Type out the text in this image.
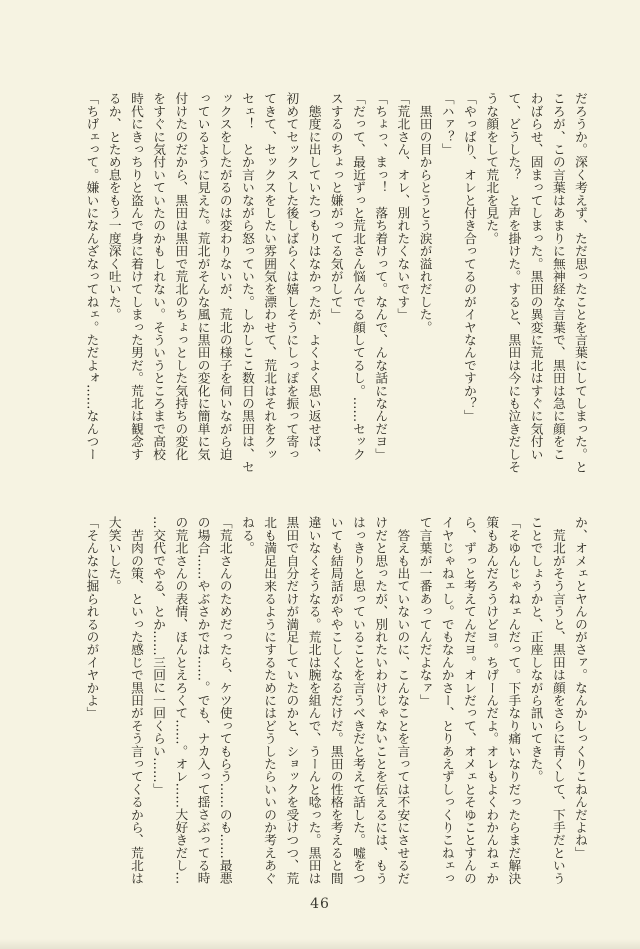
だろうか。深く考えず、ただ思ったことを言葉にしてしまった。と
ころが、この言葉はあまりに無神経な言葉で、黒田は急に顔をこ
わばらせ、固まってしまった。黒田の異変に荒北はすぐに気付い
て、どうした？　と声を掛けた。すると、黒田は今にも泣きだしそ
うな顔をして荒北を見た。
「やっぱり、オレと付き合ってるのがイヤなんですか？」
「ハァ？」
　黒田の目からとうとう涙が溢れだした。
「荒北さん、オレ、別れたくないです」
「ちょっ、まっ！　落ち着けって。なんで、んな話になんだヨ」
「だって、最近ずっと荒北さん悩んでる顔してるし。……セック
スするのちょっと嫌がってる気がして」
　態度に出していたつもりはなかったが、よくよく思い返せば、
初めてセックスした後しばらくは嬉しそうにしっぽを振って寄っ
てきて、セックスをしたい雰囲気を漂わせて、荒北はそれをクッ
セェ！　とか言いながら怒っていた。しかしここ数日の黒田は、セ
ックスをしたがるのは変わりないが、荒北の様子を伺いながら迫
っているように見えた。荒北がそんな風に黒田の変化に簡単に気
付けたのだから、黒田は黒田で荒北のちょっとした気持ちの変化
をすぐに気付いていたのかもしれない。そういうところまで高校
時代にきっちりと盗んで身に着けてしまった男だ。荒北は観念す
るか、とため息をもう一度深く吐いた。
「ちげェって。嫌いになんざなってねェ。ただよォ……なんつー
か、オメェとヤんのがさァ。なんかしっくりこねんだよね」
　荒北がそう言うと、黒田は顔をさらに青くして、下手だという
ことでしょうかと、正座しながら訊いてきた。
「そゆんじゃねェんだって。下手なり痛いなりだったらまだ解決
策もあんだろうけどヨ。ちげーんだよ。オレもよくわかんねェか
ら、ずっと考えてんだヨ。オレだって、オメェとそゆことすんの
イヤじゃねェし。でもなんかさー、とりあえずしっくりこねェっ
て言葉が一番あってんだよなァ」
　答えも出ていないのに、こんなことを言っては不安にさせるだ
けだと思ったが、別れたいわけじゃないことを伝えるには、もう
はっきりと思っていることを言うべきだと考えて話した。嘘をつ
いても結局話がややこしくなるだけだ。黒田の性格を考えると間
違いなくそうなる。荒北は腕を組んで、うーんと唸った。黒田は
黒田で自分だけが満足していたのかと、ショックを受けつつ、荒
北も満足出来るようにするためにはどうしたらいいのか考えあぐ
ねる。
「荒北さんのためだったら、ケツ使ってもらう……のも……最悪
の場合……やぶさかでは……。でも、ナカ入って揺さぶってる時
の荒北さんの表情、ほんとえろくて……。オレ……大好きだし…
…交代でやる、とか……三回に一回くらい……」
　苦肉の策、といった感じで黒田がそう言ってくるから、荒北は
大笑いした。
「そんなに掘られるのがイヤかよ」
46
